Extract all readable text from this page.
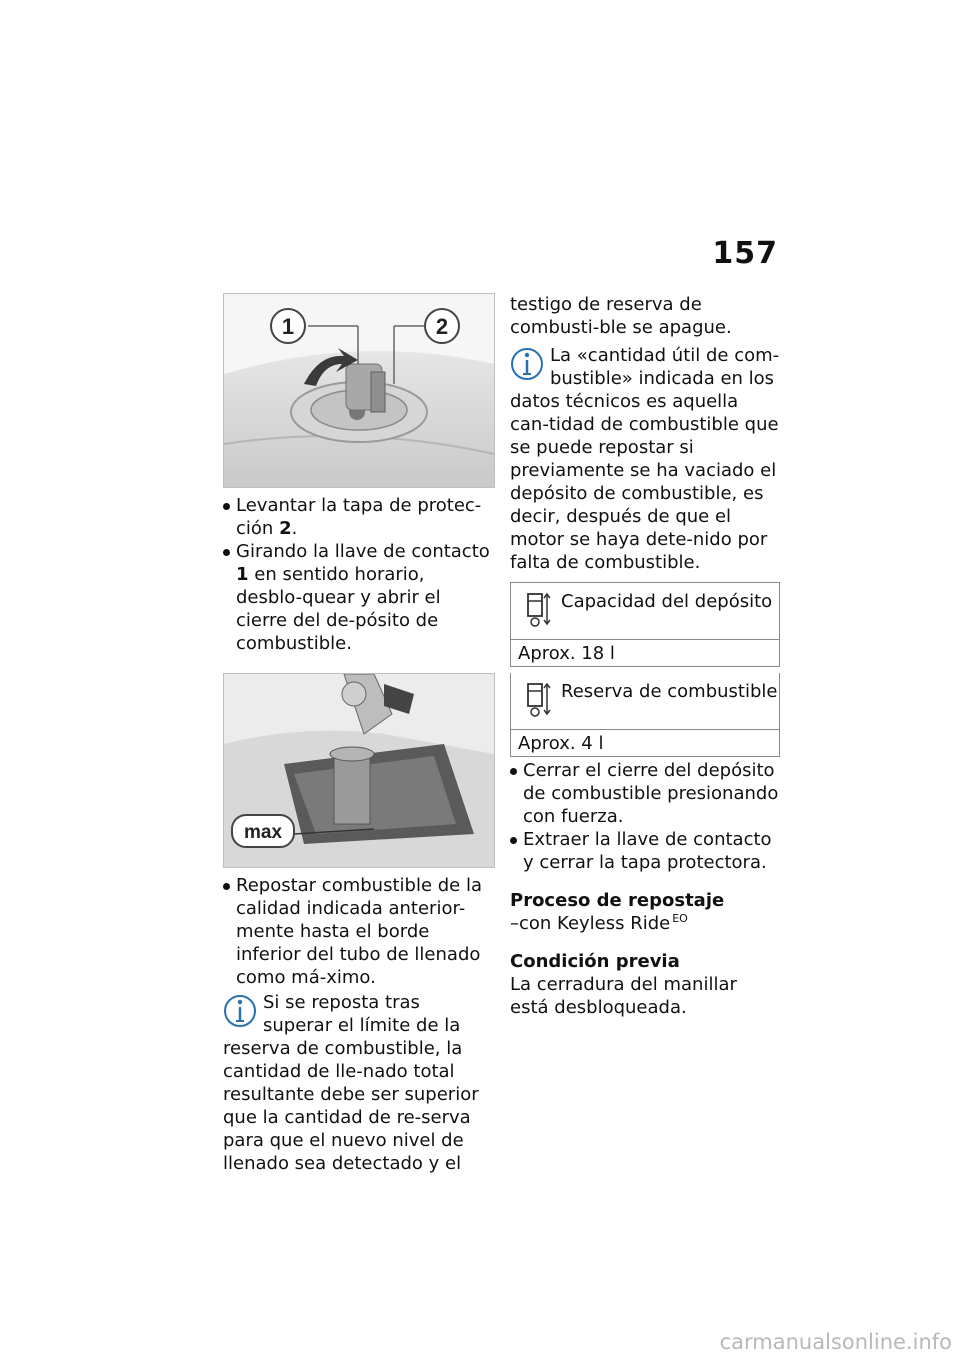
157
1	2
Levantar la tapa de protec-ción 2.
Girando la llave de contacto 1 en sentido horario, desblo-quear y abrir el cierre del de-pósito de combustible.
max
Repostar combustible de la calidad indicada anterior-mente hasta el borde inferior del tubo de llenado como má-ximo.

Si se reposta tras superar el límite de la reserva de combustible, la cantidad de lle-nado total resultante debe ser superior que la cantidad de re-serva para que el nuevo nivel de llenado sea detectado y el

testigo de reserva de combusti-ble se apague.

La «cantidad útil de com-bustible» indicada en los datos técnicos es aquella can-tidad de combustible que se puede repostar si previamente se ha vaciado el depósito de combustible, es decir, después de que el motor se haya dete-nido por falta de combustible.

Capacidad del depósito
Aprox. 18 l
Reserva de combustible
Aprox. 4 l
Cerrar el cierre del depósito de combustible presionando con fuerza.
Extraer la llave de contacto y cerrar la tapa protectora.
Proceso de repostaje
–con Keyless Ride $^{EO}$
Condición previa

La cerradura del manillar está desbloqueada.

carmanualsonline.info
